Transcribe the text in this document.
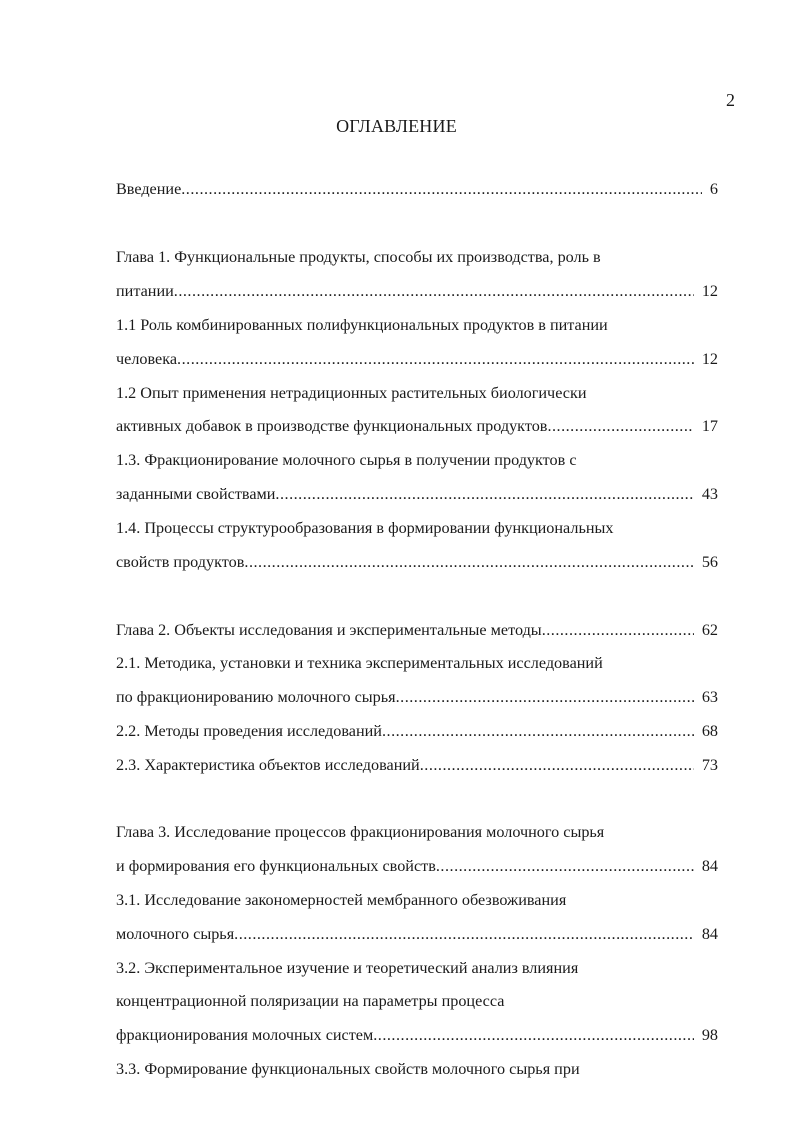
2
ОГЛАВЛЕНИЕ
Введение .....	6
Глава 1. Функциональные продукты, способы их производства, роль в
питании .....	12
1.1 Роль комбинированных полифункциональных продуктов в питании
человека .....	12
1.2 Опыт применения нетрадиционных растительных биологически
активных добавок в производстве функциональных продуктов .....	17
1.3. Фракционирование молочного сырья в получении продуктов с
заданными свойствами .....	43
1.4. Процессы структурообразования в формировании функциональных
свойств продуктов .....	56
Глава 2. Объекты исследования и экспериментальные методы .....	62
2.1. Методика, установки и техника экспериментальных исследований
по фракционированию молочного сырья .....	63
2.2. Методы проведения исследований .....	68
2.3. Характеристика объектов исследований .....	73
Глава 3. Исследование процессов фракционирования молочного сырья
и формирования его функциональных свойств .....	84
3.1. Исследование закономерностей мембранного обезвоживания
молочного сырья .....	84
3.2. Экспериментальное изучение и теоретический анализ влияния
концентрационной поляризации на параметры процесса
фракционирования молочных систем .....	98
3.3. Формирование функциональных свойств молочного сырья при
